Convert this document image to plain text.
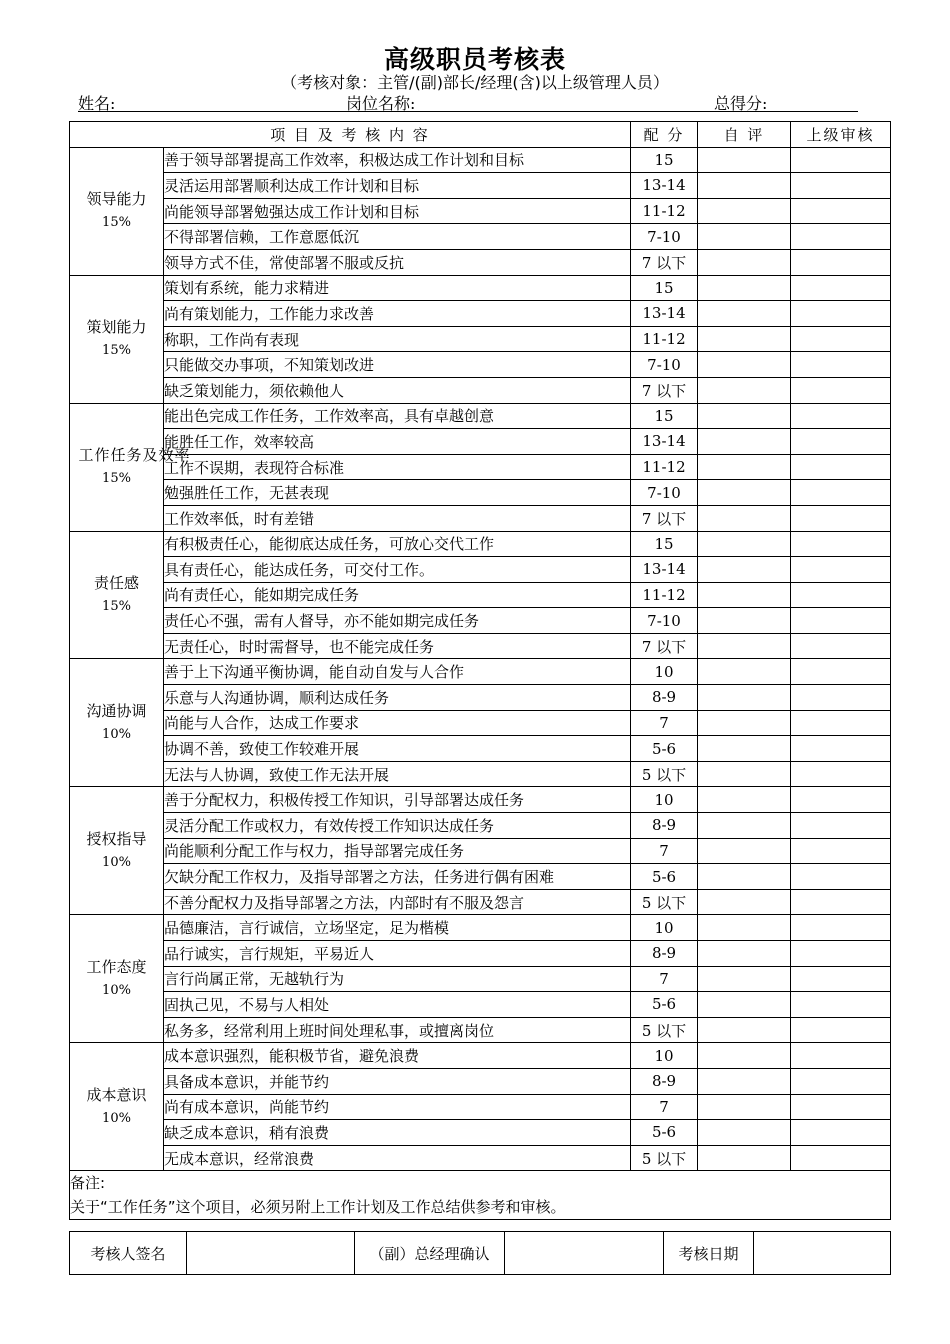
高级职员考核表
（考核对象：主管/(副)部长/经理(含)以上级管理人员）
姓名:	岗位名称:	总得分:
项 目 及 考 核 内 容		配 分	自 评	上级审核
领导能力
15%	善于领导部署提高工作效率，积极达成工作计划和目标	15		
	灵活运用部署顺利达成工作计划和目标	13-14		
	尚能领导部署勉强达成工作计划和目标	11-12		
	不得部署信赖，工作意愿低沉	7-10		
	领导方式不佳，常使部署不服或反抗	7 以下		
策划能力
15%	策划有系统，能力求精进	15		
	尚有策划能力，工作能力求改善	13-14		
	称职，工作尚有表现	11-12		
	只能做交办事项，不知策划改进	7-10		
	缺乏策划能力，须依赖他人	7 以下		
工作任务及效率
15%	能出色完成工作任务，工作效率高，具有卓越创意	15		
	能胜任工作，效率较高	13-14		
	工作不误期，表现符合标准	11-12		
	勉强胜任工作，无甚表现	7-10		
	工作效率低，时有差错	7 以下		
责任感
15%	有积极责任心，能彻底达成任务，可放心交代工作	15		
	具有责任心，能达成任务，可交付工作。	13-14		
	尚有责任心，能如期完成任务	11-12		
	责任心不强，需有人督导，亦不能如期完成任务	7-10		
	无责任心，时时需督导，也不能完成任务	7 以下		
沟通协调
10%	善于上下沟通平衡协调，能自动自发与人合作	10		
	乐意与人沟通协调，顺利达成任务	8-9		
	尚能与人合作，达成工作要求	7		
	协调不善，致使工作较难开展	5-6		
	无法与人协调，致使工作无法开展	5 以下		
授权指导
10%	善于分配权力，积极传授工作知识，引导部署达成任务	10		
	灵活分配工作或权力，有效传授工作知识达成任务	8-9		
	尚能顺利分配工作与权力，指导部署完成任务	7		
	欠缺分配工作权力，及指导部署之方法，任务进行偶有困难	5-6		
	不善分配权力及指导部署之方法，内部时有不服及怨言	5 以下		
工作态度
10%	品德廉洁，言行诚信，立场坚定，足为楷模	10		
	品行诚实，言行规矩，平易近人	8-9		
	言行尚属正常，无越轨行为	7		
	固执己见，不易与人相处	5-6		
	私务多，经常利用上班时间处理私事，或擅离岗位	5 以下		
成本意识
10%	成本意识强烈，能积极节省，避免浪费	10		
	具备成本意识，并能节约	8-9		
	尚有成本意识，尚能节约	7		
	缺乏成本意识，稍有浪费	5-6		
	无成本意识，经常浪费	5 以下		

备注:
关于“工作任务”这个项目，必须另附上工作计划及工作总结供参考和审核。				
考核人签名		（副）总经理确认		考核日期	
